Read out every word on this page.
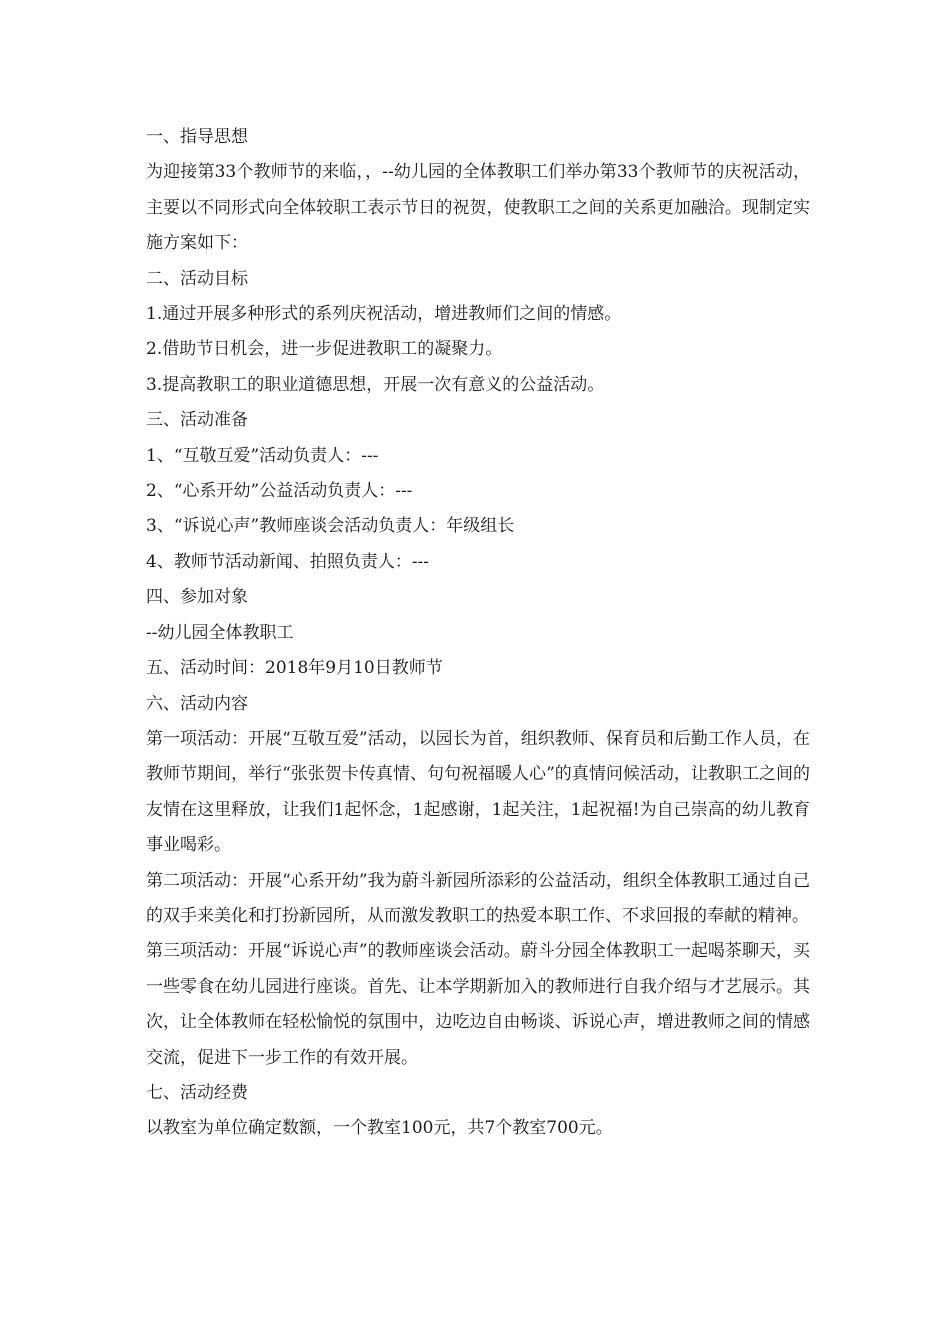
一、指导思想
为迎接第33个教师节的来临，，--幼儿园的全体教职工们举办第33个教师节的庆祝活动，主要以不同形式向全体较职工表示节日的祝贺，使教职工之间的关系更加融洽。现制定实施方案如下：
二、活动目标
1.通过开展多种形式的系列庆祝活动，增进教师们之间的情感。
2.借助节日机会，进一步促进教职工的凝聚力。
3.提高教职工的职业道德思想，开展一次有意义的公益活动。
三、活动准备
1、“互敬互爱”活动负责人：---
2、“心系开幼”公益活动负责人：---
3、“诉说心声”教师座谈会活动负责人：年级组长
4、教师节活动新闻、拍照负责人：---
四、参加对象
--幼儿园全体教职工
五、活动时间：2018年9月10日教师节
六、活动内容
第一项活动：开展“互敬互爱”活动，以园长为首，组织教师、保育员和后勤工作人员，在教师节期间，举行“张张贺卡传真情、句句祝福暖人心”的真情问候活动，让教职工之间的友情在这里释放，让我们1起怀念，1起感谢，1起关注，1起祝福!为自己崇高的幼儿教育事业喝彩。
第二项活动：开展“心系开幼”我为蔚斗新园所添彩的公益活动，组织全体教职工通过自己的双手来美化和打扮新园所，从而激发教职工的热爱本职工作、不求回报的奉献的精神。
第三项活动：开展“诉说心声”的教师座谈会活动。蔚斗分园全体教职工一起喝茶聊天，买一些零食在幼儿园进行座谈。首先、让本学期新加入的教师进行自我介绍与才艺展示。其次，让全体教师在轻松愉悦的氛围中，边吃边自由畅谈、诉说心声，增进教师之间的情感交流，促进下一步工作的有效开展。
七、活动经费
以教室为单位确定数额，一个教室100元，共7个教室700元。
